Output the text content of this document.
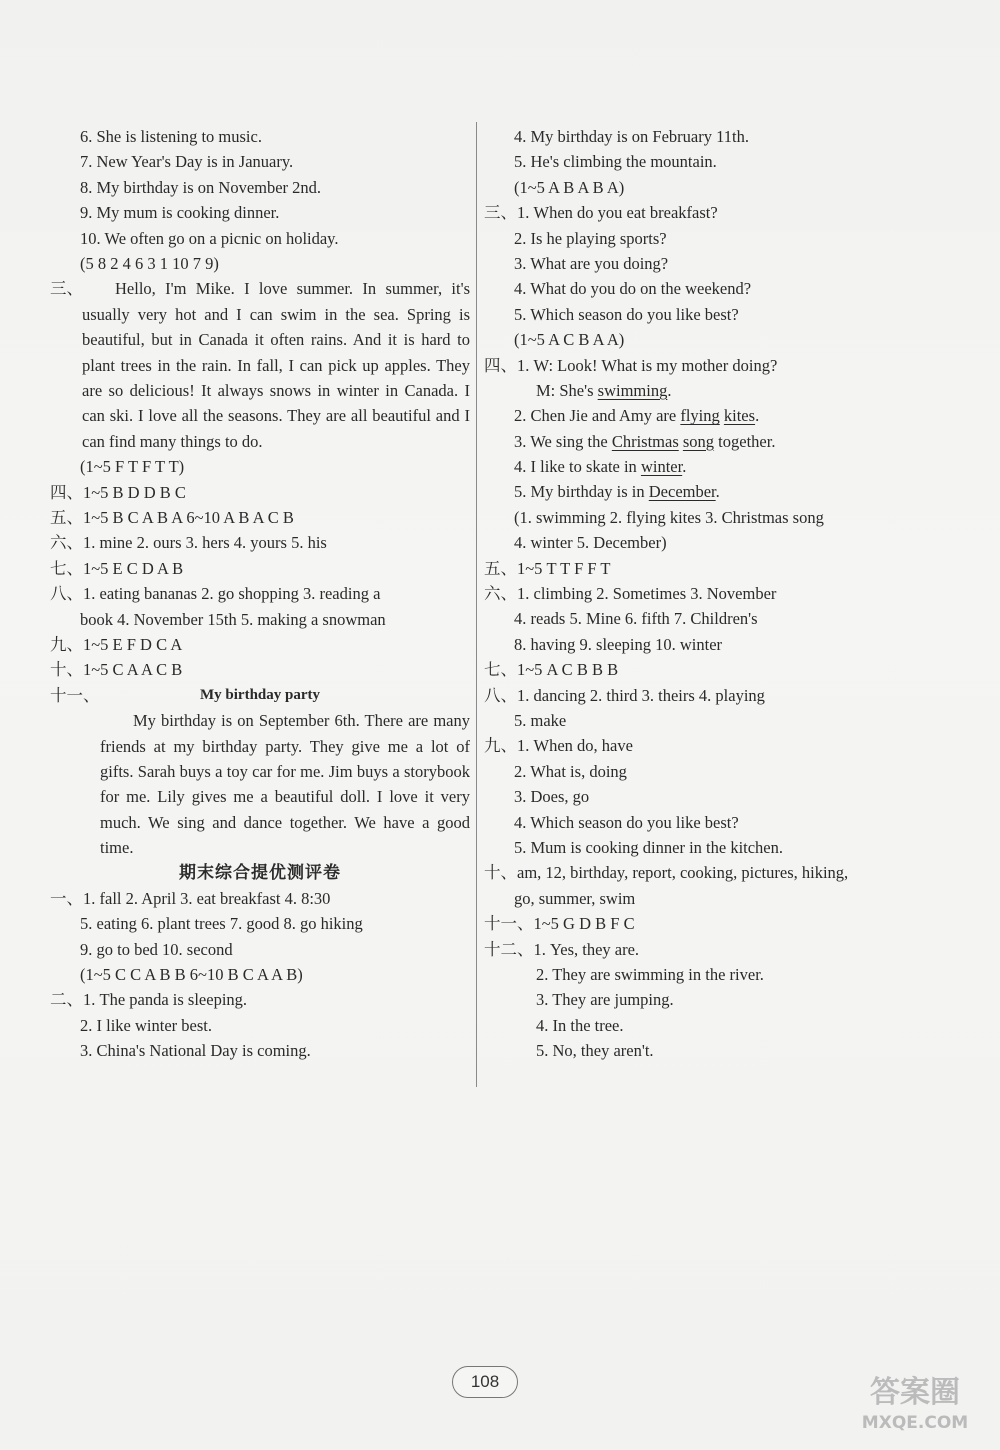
6. She is listening to music.
7. New Year's Day is in January.
8. My birthday is on November 2nd.
9. My mum is cooking dinner.
10. We often go on a picnic on holiday.
(5 8 2 4 6 3 1 10 7 9)
三、	Hello, I'm Mike. I love summer. In summer, it's usually very hot and I can swim in the sea. Spring is beautiful, but in Canada it often rains. And it is hard to plant trees in the rain. In fall, I can pick up apples. They are so delicious! It always snows in winter in Canada. I can ski. I love all the seasons. They are all beautiful and I can find many things to do.
(1~5 F T F T T)
四、1~5 B D D B C
五、1~5 B C A B A 6~10 A B A C B
六、1. mine 2. ours 3. hers 4. yours 5. his
七、1~5 E C D A B
八、1. eating bananas 2. go shopping 3. reading a
book 4. November 15th 5. making a snowman
九、1~5 E F D C A
十、1~5 C A A C B
十一、	My birthday party
My birthday is on September 6th. There are many friends at my birthday party. They give me a lot of gifts. Sarah buys a toy car for me. Jim buys a storybook for me. Lily gives me a beautiful doll. I love it very much. We sing and dance together. We have a good time.
期末综合提优测评卷
一、1. fall 2. April 3. eat breakfast 4. 8:30
5. eating 6. plant trees 7. good 8. go hiking
9. go to bed 10. second
(1~5 C C A B B 6~10 B C A A B)
二、1. The panda is sleeping.
2. I like winter best.
3. China's National Day is coming.
4. My birthday is on February 11th.
5. He's climbing the mountain.
(1~5 A B A B A)
三、1. When do you eat breakfast?
2. Is he playing sports?
3. What are you doing?
4. What do you do on the weekend?
5. Which season do you like best?
(1~5 A C B A A)
四、1. W: Look! What is my mother doing?
M: She's swimming.
2. Chen Jie and Amy are flying kites.
3. We sing the Christmas song together.
4. I like to skate in winter.
5. My birthday is in December.
(1. swimming 2. flying kites 3. Christmas song
4. winter 5. December)
五、1~5 T T F F T
六、1. climbing 2. Sometimes 3. November
4. reads 5. Mine 6. fifth 7. Children's
8. having 9. sleeping 10. winter
七、1~5 A C B B B
八、1. dancing 2. third 3. theirs 4. playing
5. make
九、1. When do, have
2. What is, doing
3. Does, go
4. Which season do you like best?
5. Mum is cooking dinner in the kitchen.
十、am, 12, birthday, report, cooking, pictures, hiking,
go, summer, swim
十一、1~5 G D B F C
十二、1. Yes, they are.
2. They are swimming in the river.
3. They are jumping.
4. In the tree.
5. No, they aren't.
108	答案圈
MXQE.COM
